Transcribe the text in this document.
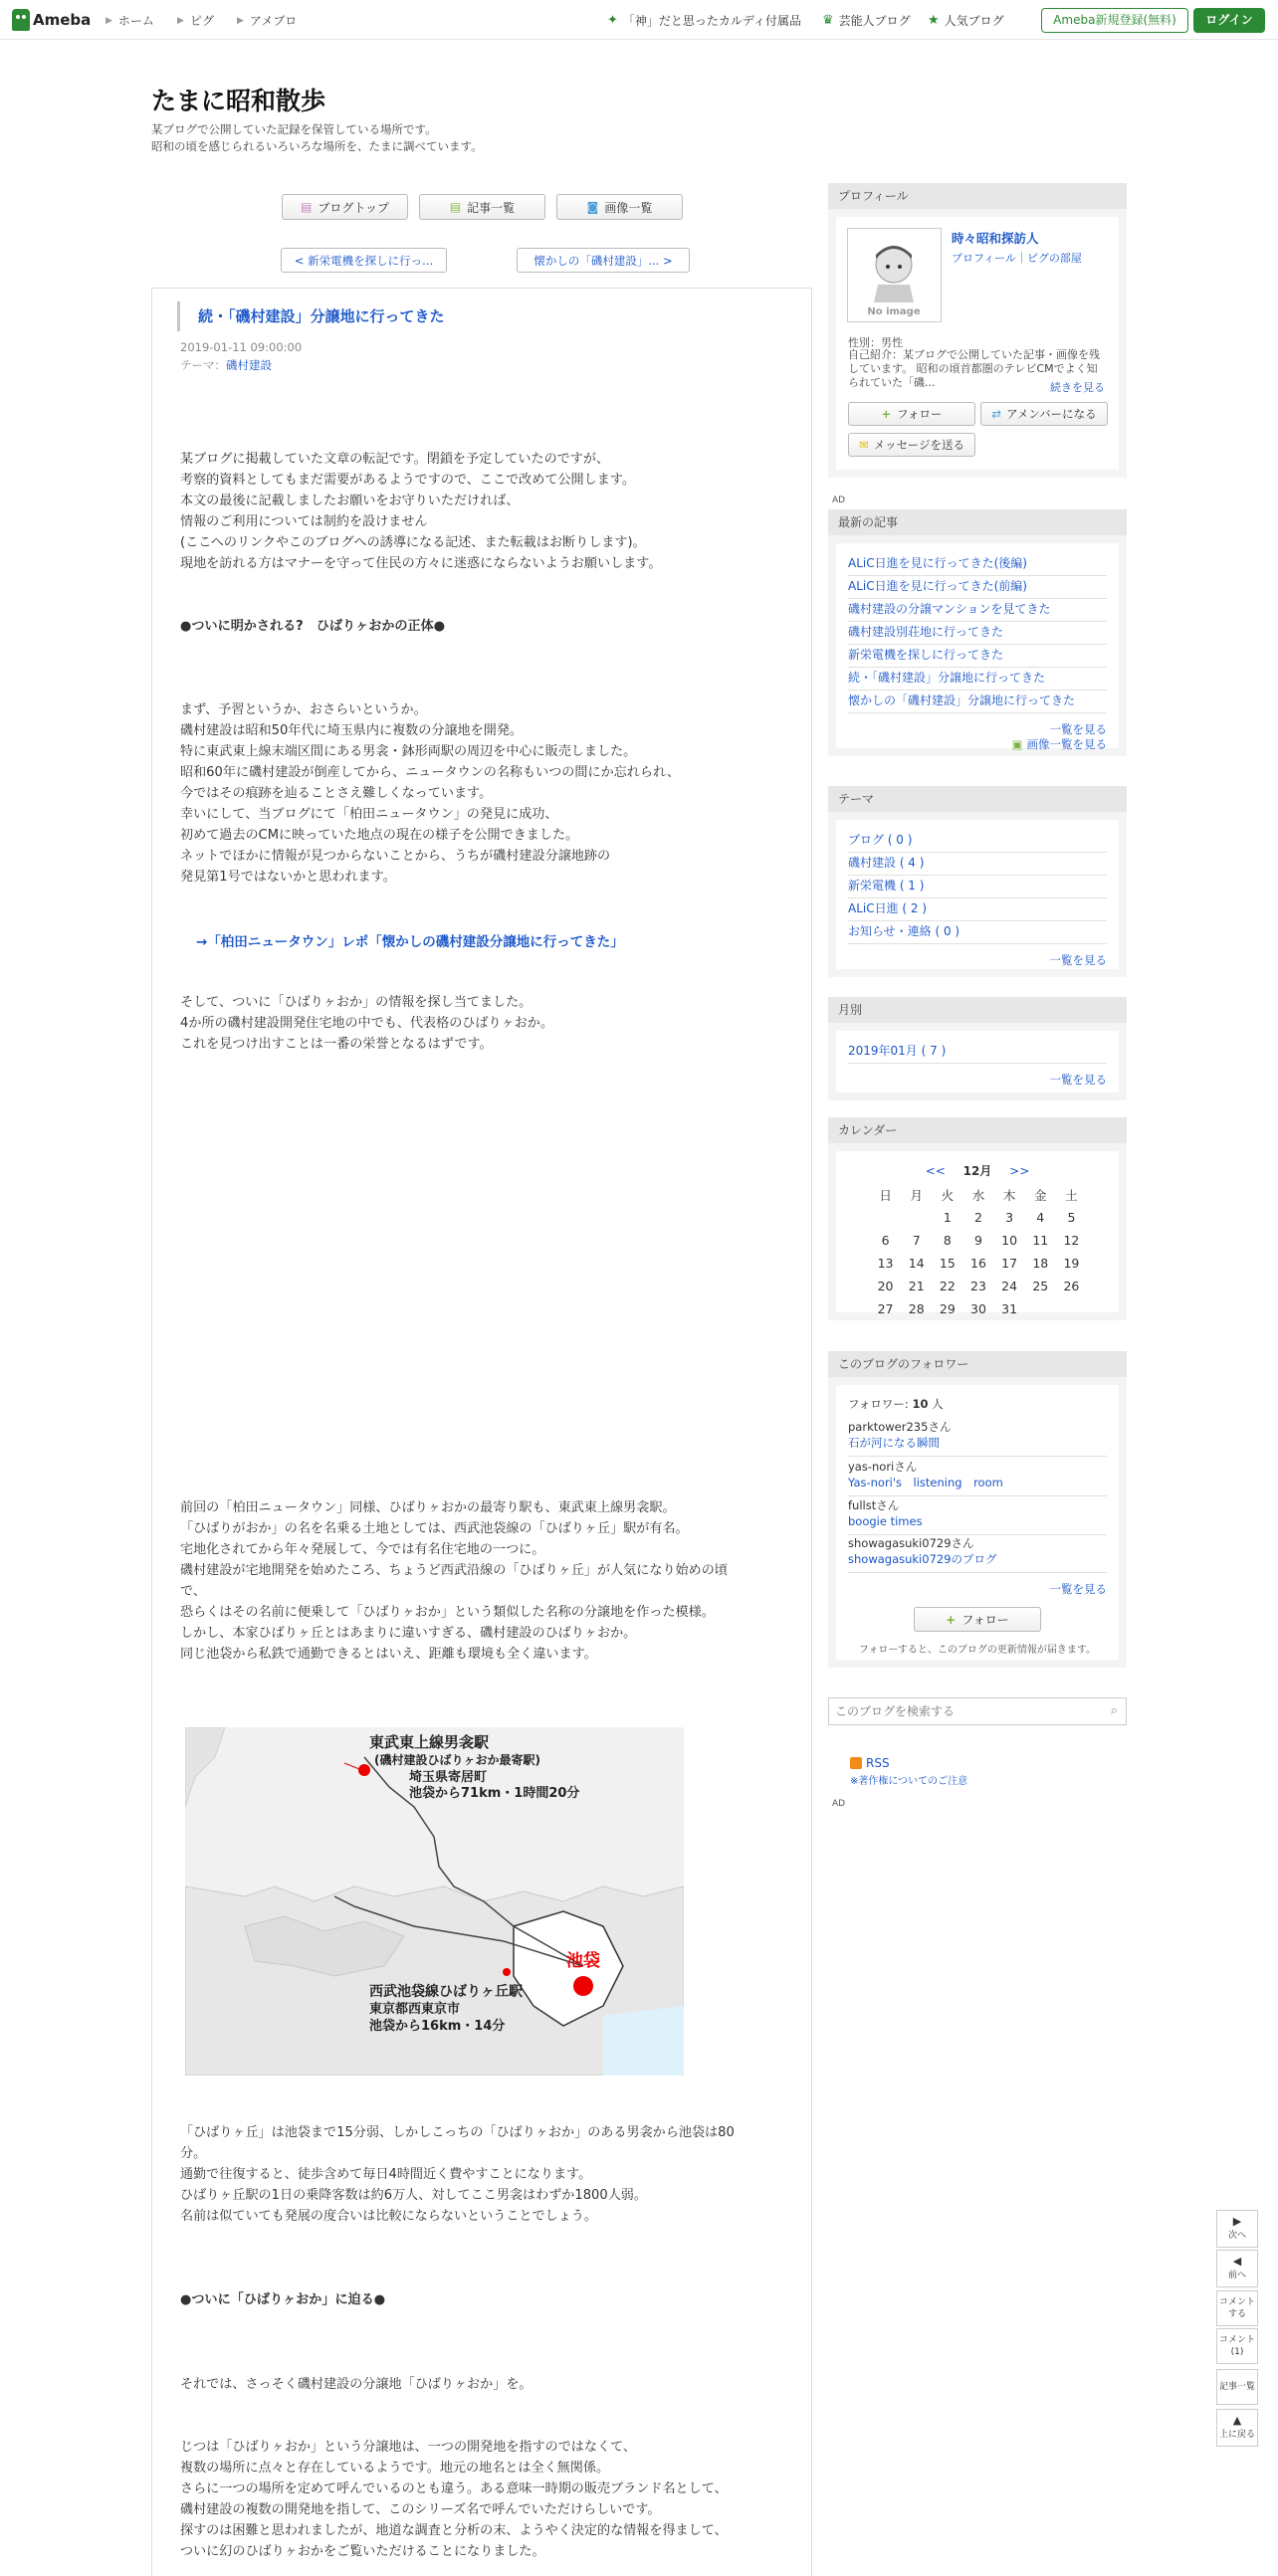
Ameba ▶ ホーム	▶ ピグ	▶ アメブロ	✦ 「神」だと思ったカルディ付属品 ♛ 芸能人ブログ ★ 人気ブログ	Ameba新規登録(無料)	ログイン
たまに昭和散歩
某ブログで公開していた記録を保管している場所です。
昭和の頃を感じられるいろいろな場所を、たまに調べています。
▤ ブログトップ	▤ 記事一覧	◙ 画像一覧
< 新栄電機を探しに行っ...	懐かしの「磯村建設」... >
続・「磯村建設」分譲地に行ってきた
2019-01-11 09:00:00
テーマ：磯村建設

某ブログに掲載していた文章の転記です。閉鎖を予定していたのですが、

考察的資料としてもまだ需要があるようですので、ここで改めて公開します。

本文の最後に記載しましたお願いをお守りいただければ、

情報のご利用については制約を設けません

(ここへのリンクやこのブログへの誘導になる記述、また転載はお断りします)。

現地を訪れる方はマナーを守って住民の方々に迷惑にならないようお願いします。

●ついに明かされる?　ひばりヶおかの正体●

まず、予習というか、おさらいというか。

磯村建設は昭和50年代に埼玉県内に複数の分譲地を開発。

特に東武東上線末端区間にある男衾・鉢形両駅の周辺を中心に販売しました。

昭和60年に磯村建設が倒産してから、ニュータウンの名称もいつの間にか忘れられ、

今ではその痕跡を辿ることさえ難しくなっています。

幸いにして、当ブログにて「柏田ニュータウン」の発見に成功、

初めて過去のCMに映っていた地点の現在の様子を公開できました。

ネットでほかに情報が見つからないことから、うちが磯村建設分譲地跡の

発見第1号ではないかと思われます。

→「柏田ニュータウン」レポ「懐かしの磯村建設分譲地に行ってきた」

そして、ついに「ひばりヶおか」の情報を探し当てました。

4か所の磯村建設開発住宅地の中でも、代表格のひばりヶおか。

これを見つけ出すことは一番の栄誉となるはずです。

前回の「柏田ニュータウン」同様、ひばりヶおかの最寄り駅も、東武東上線男衾駅。

「ひばりがおか」の名を名乗る土地としては、西武池袋線の「ひばりヶ丘」駅が有名。

宅地化されてから年々発展して、今では有名住宅地の一つに。

磯村建設が宅地開発を始めたころ、ちょうど西武沿線の「ひばりヶ丘」が人気になり始めの頃

で、

恐らくはその名前に便乗して「ひばりヶおか」という類似した名称の分譲地を作った模様。

しかし、本家ひばりヶ丘とはあまりに違いすぎる、磯村建設のひばりヶおか。

同じ池袋から私鉄で通勤できるとはいえ、距離も環境も全く違います。

東武東上線男衾駅
(磯村建設ひばりヶおか最寄駅)
埼玉県寄居町
池袋から71km・1時間20分
池袋
西武池袋線ひばりヶ丘駅
東京都西東京市
池袋から16km・14分

「ひばりヶ丘」は池袋まで15分弱、しかしこっちの「ひばりヶおか」のある男衾から池袋は80

分。

通勤で往復すると、徒歩含めて毎日4時間近く費やすことになります。

ひばりヶ丘駅の1日の乗降客数は約6万人、対してここ男衾はわずか1800人弱。

名前は似ていても発展の度合いは比較にならないということでしょう。

●ついに「ひばりヶおか」に迫る●

それでは、さっそく磯村建設の分譲地「ひばりヶおか」を。

じつは「ひばりヶおか」という分譲地は、一つの開発地を指すのではなくて、

複数の場所に点々と存在しているようです。地元の地名とは全く無関係。

さらに一つの場所を定めて呼んでいるのとも違う。ある意味一時期の販売ブランド名として、

磯村建設の複数の開発地を指して、このシリーズ名で呼んでいただけらしいです。

探すのは困難と思われましたが、地道な調査と分析の末、ようやく決定的な情報を得まして、

ついに幻のひばりヶおかをご覧いただけることになりました。

プロフィール
No image
時々昭和探訪人
プロフィール｜ピグの部屋
性別：男性
自己紹介：某ブログで公開していた記事・画像を残
しています。 昭和の頃首都圏のテレビCMでよく知
られていた「磯...	続きを見る
+ フォロー	⇄ アメンバーになる
✉ メッセージを送る
AD
最新の記事
ALiC日進を見に行ってきた(後編)
ALiC日進を見に行ってきた(前編)
磯村建設の分譲マンションを見てきた
磯村建設別荘地に行ってきた
新栄電機を探しに行ってきた
続・「磯村建設」分譲地に行ってきた
懐かしの「磯村建設」分譲地に行ってきた
一覧を見る
▣ 画像一覧を見る
テーマ
ブログ ( 0 )
磯村建設 ( 4 )
新栄電機 ( 1 )
ALiC日進 ( 2 )
お知らせ・連絡 ( 0 )
一覧を見る
月別
2019年01月 ( 7 )
一覧を見る
カレンダー
<< 12月 >>
日	月	火	水	木	金	土
		1	2	3	4	5
6	7	8	9	10	11	12
13	14	15	16	17	18	19
20	21	22	23	24	25	26
27	28	29	30	31		
このブログのフォロワー
フォロワー: 10 人
parktower235さん
石が河になる瞬間
yas-noriさん
Yas-nori's　listening　room
fullstさん
boogie times
showagasuki0729さん
showagasuki0729のブログ
一覧を見る
+ フォロー
フォローすると、このブログの更新情報が届きます。
このブログを検索する
⌕
RSS
※著作権についてのご注意
AD
▶
次へ
◀
前へ
コメント
する
コメント
(1)
記事一覧
▲
上に戻る
